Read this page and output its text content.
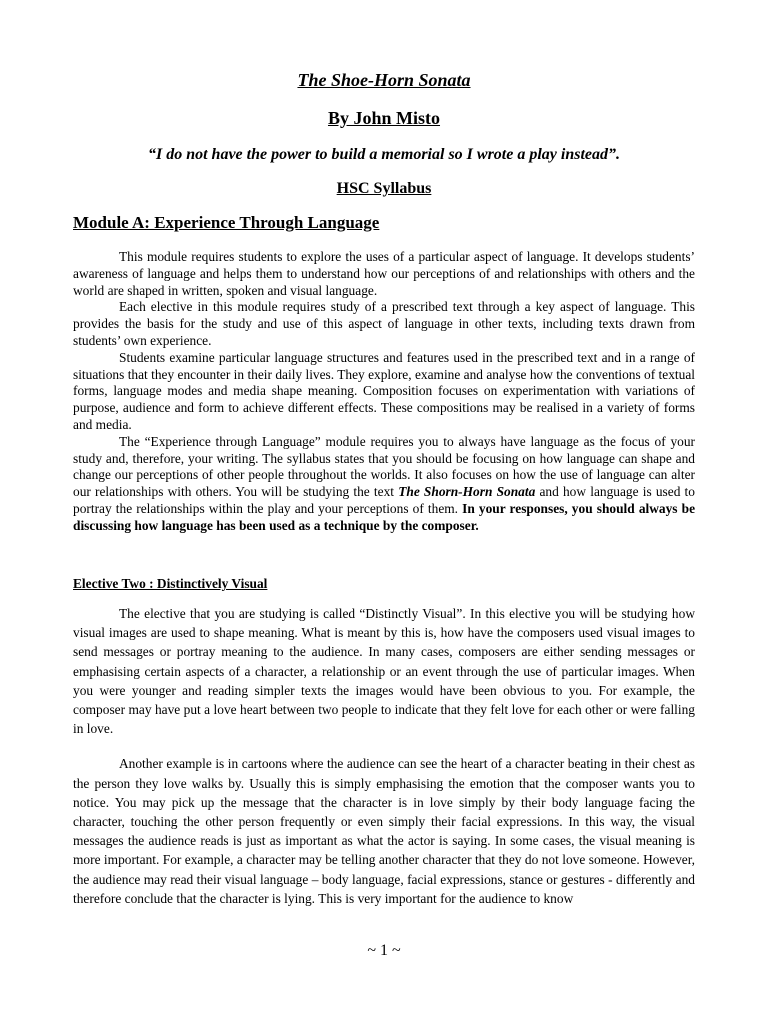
The Shoe-Horn Sonata
By John Misto
“I do not have the power to build a memorial so I wrote a play instead”.
HSC Syllabus
Module A: Experience Through Language

This module requires students to explore the uses of a particular aspect of language. It develops students’ awareness of language and helps them to understand how our perceptions of and relationships with others and the world are shaped in written, spoken and visual language.

Each elective in this module requires study of a prescribed text through a key aspect of language. This provides the basis for the study and use of this aspect of language in other texts, including texts drawn from students’ own experience.

Students examine particular language structures and features used in the prescribed text and in a range of situations that they encounter in their daily lives. They explore, examine and analyse how the conventions of textual forms, language modes and media shape meaning. Composition focuses on experimentation with variations of purpose, audience and form to achieve different effects. These compositions may be realised in a variety of forms and media.

The “Experience through Language” module requires you to always have language as the focus of your study and, therefore, your writing. The syllabus states that you should be focusing on how language can shape and change our perceptions of other people throughout the worlds. It also focuses on how the use of language can alter our relationships with others. You will be studying the text The Shorn-Horn Sonata and how language is used to portray the relationships within the play and your perceptions of them. In your responses, you should always be discussing how language has been used as a technique by the composer.

Elective Two : Distinctively Visual

The elective that you are studying is called “Distinctly Visual”. In this elective you will be studying how visual images are used to shape meaning. What is meant by this is, how have the composers used visual images to send messages or portray meaning to the audience. In many cases, composers are either sending messages or emphasising certain aspects of a character, a relationship or an event through the use of particular images. When you were younger and reading simpler texts the images would have been obvious to you. For example, the composer may have put a love heart between two people to indicate that they felt love for each other or were falling in love.

Another example is in cartoons where the audience can see the heart of a character beating in their chest as the person they love walks by. Usually this is simply emphasising the emotion that the composer wants you to notice. You may pick up the message that the character is in love simply by their body language facing the character, touching the other person frequently or even simply their facial expressions. In this way, the visual messages the audience reads is just as important as what the actor is saying. In some cases, the visual meaning is more important. For example, a character may be telling another character that they do not love someone. However, the audience may read their visual language – body language, facial expressions, stance or gestures - differently and therefore conclude that the character is lying. This is very important for the audience to know

~ 1 ~
